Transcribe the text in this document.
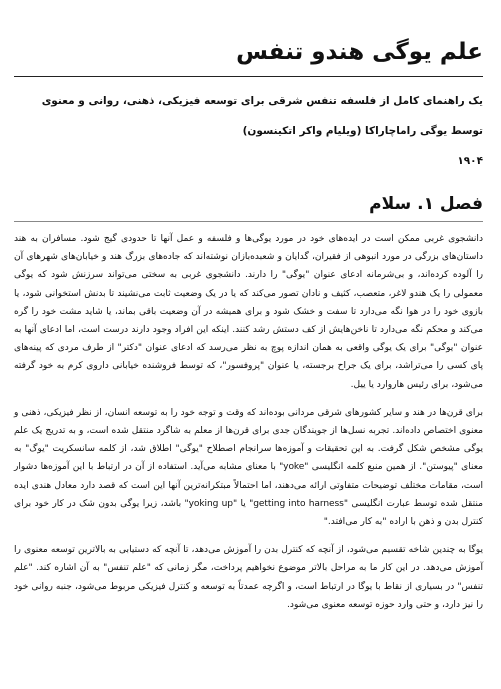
علم یوگی هندو تنفس

یک راهنمای کامل از فلسفه تنفس شرقی برای توسعه فیزیکی، ذهنی، روانی و معنوی

توسط یوگی راماچاراکا (ویلیام واکر اتکینسون)

۱۹۰۴

فصل ۱. سلام

دانشجوی غربی ممکن است در ایده‌های خود در مورد یوگی‌ها و فلسفه و عمل آنها تا حدودی گیج شود. مسافران به هند داستان‌های بزرگی در مورد انبوهی از فقیران، گدایان و شعبده‌بازان نوشته‌اند که جاده‌های بزرگ هند و خیابان‌های شهرهای آن را آلوده کرده‌اند، و بی‌شرمانه ادعای عنوان "یوگی" را دارند. دانشجوی غربی به سختی می‌تواند سرزنش شود که یوگی معمولی را یک هندو لاغر، متعصب، کثیف و نادان تصور می‌کند که یا در یک وضعیت ثابت می‌نشیند تا بدنش استخوانی شود، یا بازوی خود را در هوا نگه می‌دارد تا سفت و خشک شود و برای همیشه در آن وضعیت باقی بماند، یا شاید مشت خود را گره می‌کند و محکم نگه می‌دارد تا ناخن‌هایش از کف دستش رشد کنند. اینکه این افراد وجود دارند درست است، اما ادعای آنها به عنوان "یوگی" برای یک یوگی واقعی به همان اندازه پوچ به نظر می‌رسد که ادعای عنوان "دکتر" از طرف مردی که پینه‌های پای کسی را می‌تراشد، برای یک جراح برجسته، یا عنوان "پروفسور"، که توسط فروشنده خیابانی داروی کرم به خود گرفته می‌شود، برای رئیس هاروارد یا ییل.

برای قرن‌ها در هند و سایر کشورهای شرقی مردانی بوده‌اند که وقت و توجه خود را به توسعه انسان، از نظر فیزیکی، ذهنی و معنوی اختصاص داده‌اند. تجربه نسل‌ها از جویندگان جدی برای قرن‌ها از معلم به شاگرد منتقل شده است، و به تدریج یک علم یوگی مشخص شکل گرفت. به این تحقیقات و آموزه‌ها سرانجام اصطلاح "یوگی" اطلاق شد، از کلمه سانسکریت "یوگ" به معنای "پیوستن". از همین منبع کلمه انگلیسی "yoke" با معنای مشابه می‌آید. استفاده از آن در ارتباط با این آموزه‌ها دشوار است، مقامات مختلف توضیحات متفاوتی ارائه می‌دهند، اما احتمالاً مبتکرانه‌ترین آنها این است که قصد دارد معادل هندی ایده منتقل شده توسط عبارت انگلیسی "getting into harness" یا "yoking up" باشد، زیرا یوگی بدون شک در کار خود برای کنترل بدن و ذهن با اراده "به کار می‌افتد."

یوگا به چندین شاخه تقسیم می‌شود، از آنچه که کنترل بدن را آموزش می‌دهد، تا آنچه که دستیابی به بالاترین توسعه معنوی را آموزش می‌دهد. در این کار ما به مراحل بالاتر موضوع نخواهیم پرداخت، مگر زمانی که "علم تنفس" به آن اشاره کند. "علم تنفس" در بسیاری از نقاط با یوگا در ارتباط است، و اگرچه عمدتاً به توسعه و کنترل فیزیکی مربوط می‌شود، جنبه روانی خود را نیز دارد، و حتی وارد حوزه توسعه معنوی می‌شود.
